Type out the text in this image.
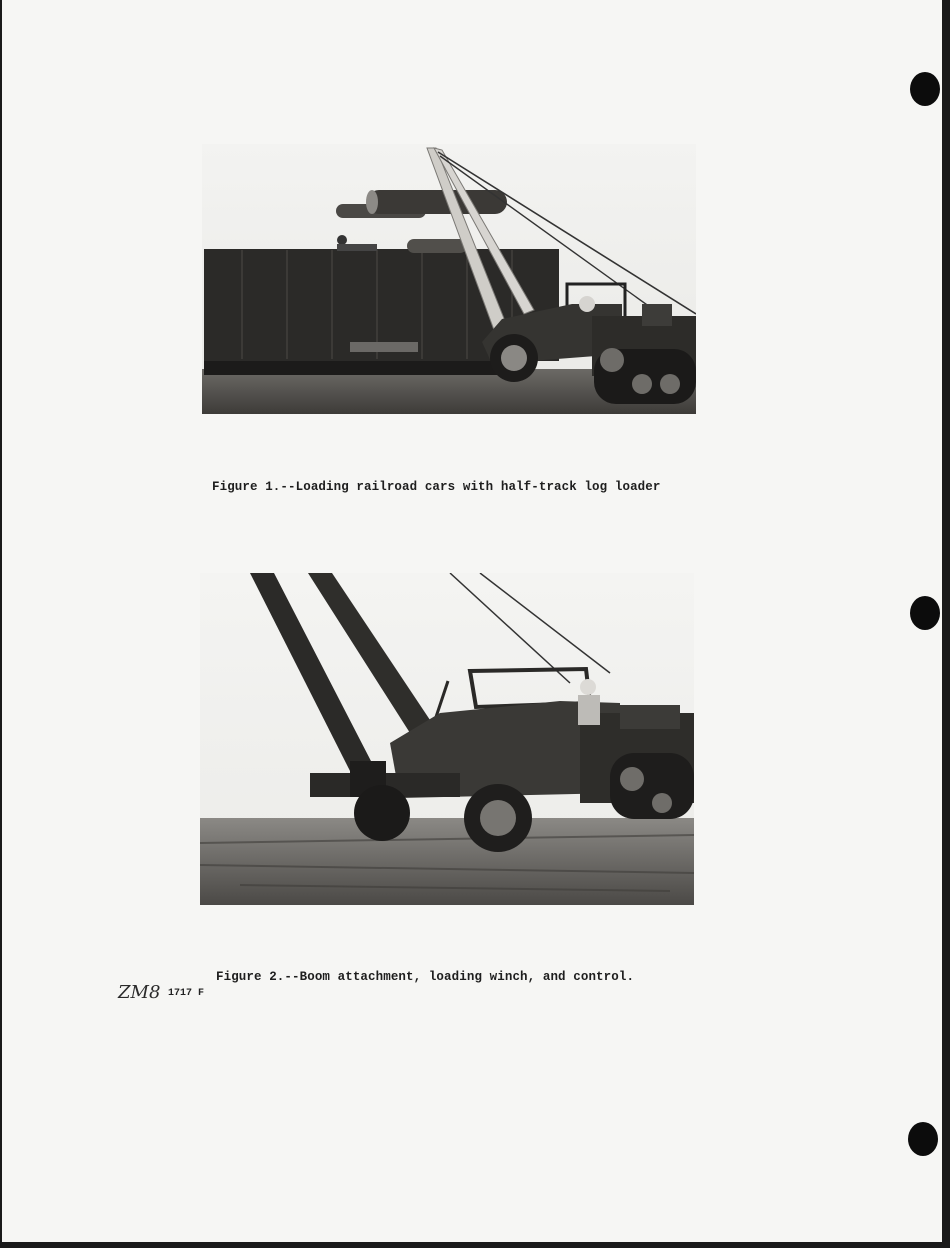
Figure 1.--Loading railroad cars with half-track log loader
Figure 2.--Boom attachment, loading winch, and control.
ZM8 1717 F
